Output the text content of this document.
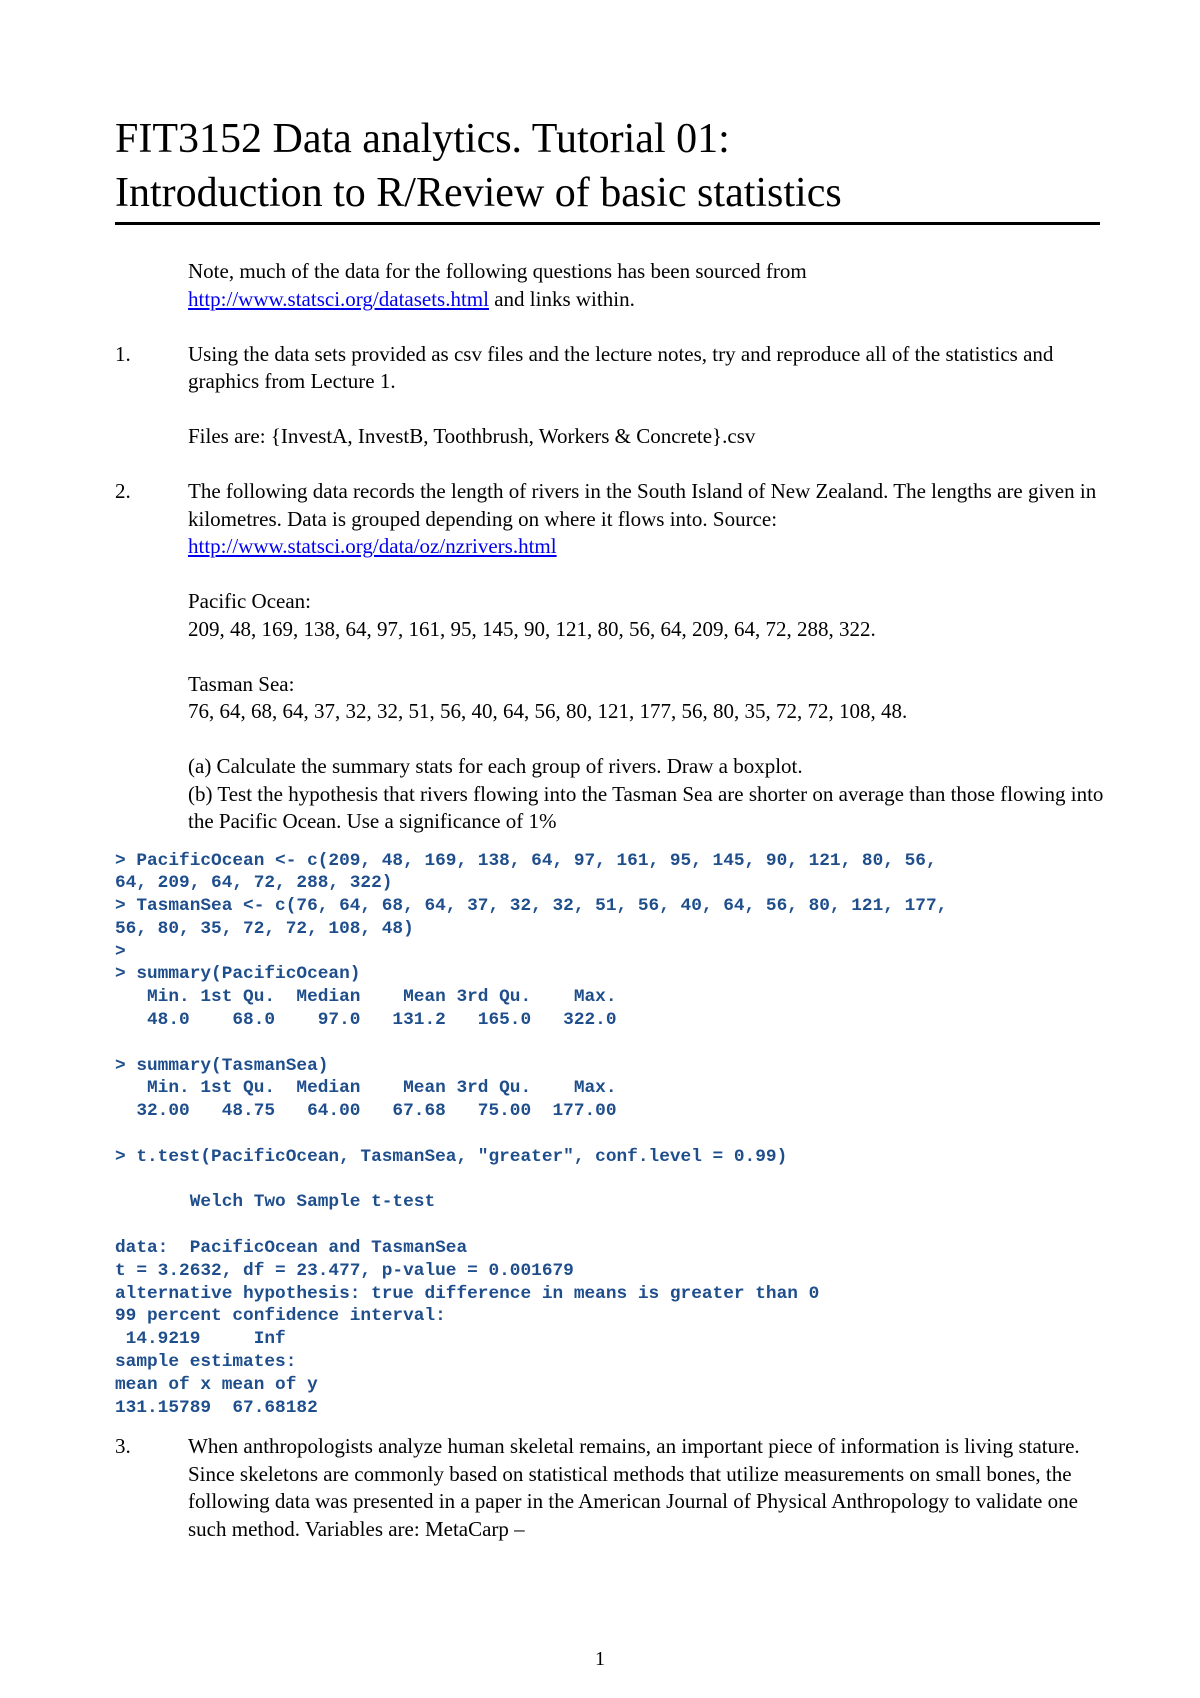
FIT3152 Data analytics. Tutorial 01:
Introduction to R/Review of basic statistics

Note, much of the data for the following questions has been sourced from
http://www.statsci.org/datasets.html and links within.

1.	Using the data sets provided as csv files and the lecture notes, try and reproduce all of the statistics and graphics from Lecture 1.

Files are: {InvestA, InvestB, Toothbrush, Workers & Concrete}.csv

2.	The following data records the length of rivers in the South Island of New Zealand. The lengths are given in kilometres. Data is grouped depending on where it flows into. Source: http://www.statsci.org/data/oz/nzrivers.html

Pacific Ocean:

209, 48, 169, 138, 64, 97, 161, 95, 145, 90, 121, 80, 56, 64, 209, 64, 72, 288, 322.

Tasman Sea:

76, 64, 68, 64, 37, 32, 32, 51, 56, 40, 64, 56, 80, 121, 177, 56, 80, 35, 72, 72, 108, 48.

(a) Calculate the summary stats for each group of rivers. Draw a boxplot.

(b) Test the hypothesis that rivers flowing into the Tasman Sea are shorter on average than those flowing into the Pacific Ocean. Use a significance of 1%

> PacificOcean <- c(209, 48, 169, 138, 64, 97, 161, 95, 145, 90, 121, 80, 56,
64, 209, 64, 72, 288, 322)
> TasmanSea <- c(76, 64, 68, 64, 37, 32, 32, 51, 56, 40, 64, 56, 80, 121, 177,
56, 80, 35, 72, 72, 108, 48)
>
> summary(PacificOcean)
Min. 1st Qu.  Median    Mean 3rd Qu.    Max.
48.0    68.0    97.0   131.2   165.0   322.0

> summary(TasmanSea)
Min. 1st Qu.  Median    Mean 3rd Qu.    Max.
32.00   48.75   64.00   67.68   75.00  177.00

> t.test(PacificOcean, TasmanSea, "greater", conf.level = 0.99)

Welch Two Sample t-test

data:  PacificOcean and TasmanSea
t = 3.2632, df = 23.477, p-value = 0.001679
alternative hypothesis: true difference in means is greater than 0
99 percent confidence interval:
14.9219     Inf
sample estimates:
mean of x mean of y
131.15789  67.68182
3.	When anthropologists analyze human skeletal remains, an important piece of information is living stature. Since skeletons are commonly based on statistical methods that utilize measurements on small bones, the following data was presented in a paper in the American Journal of Physical Anthropology to validate one such method. Variables are: MetaCarp –

1
